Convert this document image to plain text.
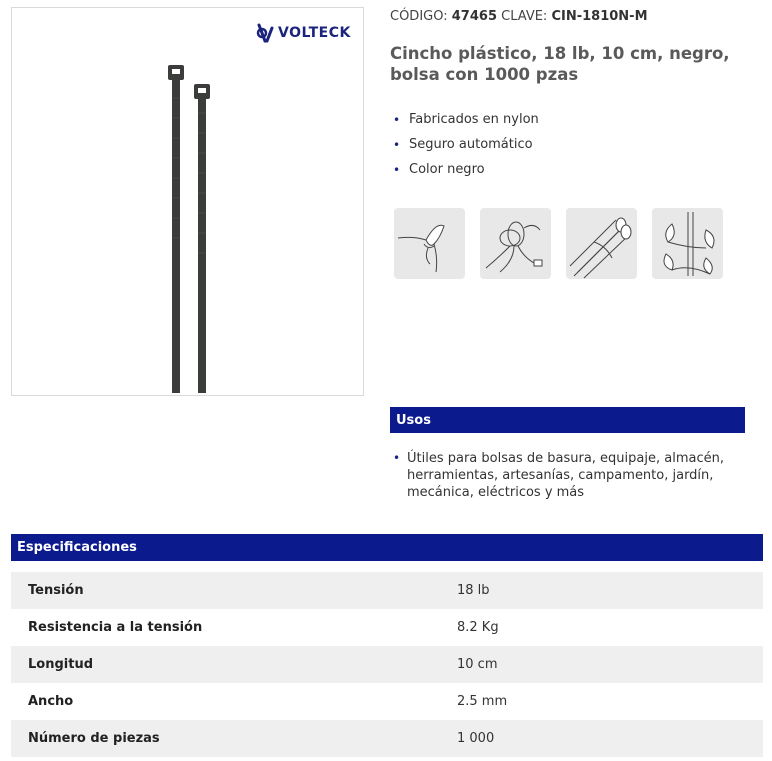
VOLTECK
CÓDIGO: 47465 CLAVE: CIN-1810N-M
Cincho plástico, 18 lb, 10 cm, negro,
bolsa con 1000 pzas
• Fabricados en nylon
• Seguro automático
• Color negro
Usos
• Útiles para bolsas de basura, equipaje, almacén,
herramientas, artesanías, campamento, jardín,
mecánica, eléctricos y más
Especificaciones
Tensión	18 lb
Resistencia a la tensión	8.2 Kg
Longitud	10 cm
Ancho	2.5 mm
Número de piezas	1 000
